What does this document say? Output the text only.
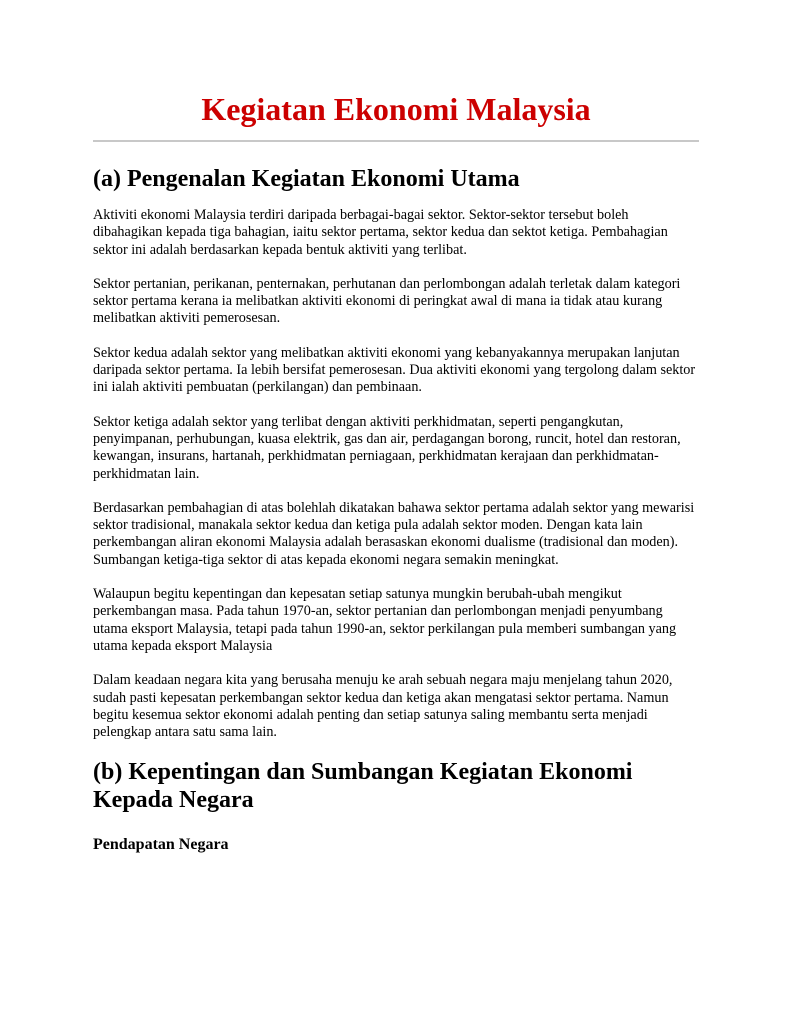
Kegiatan Ekonomi Malaysia
(a) Pengenalan Kegiatan Ekonomi Utama

Aktiviti ekonomi Malaysia terdiri daripada berbagai-bagai sektor. Sektor-sektor tersebut boleh dibahagikan kepada tiga bahagian, iaitu sektor pertama, sektor kedua dan sektot ketiga. Pembahagian sektor ini adalah berdasarkan kepada bentuk aktiviti yang terlibat.

Sektor pertanian, perikanan, penternakan, perhutanan dan perlombongan adalah terletak dalam kategori sektor pertama kerana ia melibatkan aktiviti ekonomi di peringkat awal di mana ia tidak atau kurang melibatkan aktiviti pemerosesan.

Sektor kedua adalah sektor yang melibatkan aktiviti ekonomi yang kebanyakannya merupakan lanjutan daripada sektor pertama. Ia lebih bersifat pemerosesan. Dua aktiviti ekonomi yang tergolong dalam sektor ini ialah aktiviti pembuatan (perkilangan) dan pembinaan.

Sektor ketiga adalah sektor yang terlibat dengan aktiviti perkhidmatan, seperti pengangkutan, penyimpanan, perhubungan, kuasa elektrik, gas dan air, perdagangan borong, runcit, hotel dan restoran, kewangan, insurans, hartanah, perkhidmatan perniagaan, perkhidmatan kerajaan dan perkhidmatan-perkhidmatan lain.

Berdasarkan pembahagian di atas bolehlah dikatakan bahawa sektor pertama adalah sektor yang mewarisi sektor tradisional, manakala sektor kedua dan ketiga pula adalah sektor moden. Dengan kata lain perkembangan aliran ekonomi Malaysia adalah berasaskan ekonomi dualisme (tradisional dan moden). Sumbangan ketiga-tiga sektor di atas kepada ekonomi negara semakin meningkat.

Walaupun begitu kepentingan dan kepesatan setiap satunya mungkin berubah-ubah mengikut perkembangan masa. Pada tahun 1970-an, sektor pertanian dan perlombongan menjadi penyumbang utama eksport Malaysia, tetapi pada tahun 1990-an, sektor perkilangan pula memberi sumbangan yang utama kepada eksport Malaysia

Dalam keadaan negara kita yang berusaha menuju ke arah sebuah negara maju menjelang tahun 2020, sudah pasti kepesatan perkembangan sektor kedua dan ketiga akan mengatasi sektor pertama. Namun begitu kesemua sektor ekonomi adalah penting dan setiap satunya saling membantu serta menjadi pelengkap antara satu sama lain.

(b) Kepentingan dan Sumbangan Kegiatan Ekonomi Kepada Negara
Pendapatan Negara
